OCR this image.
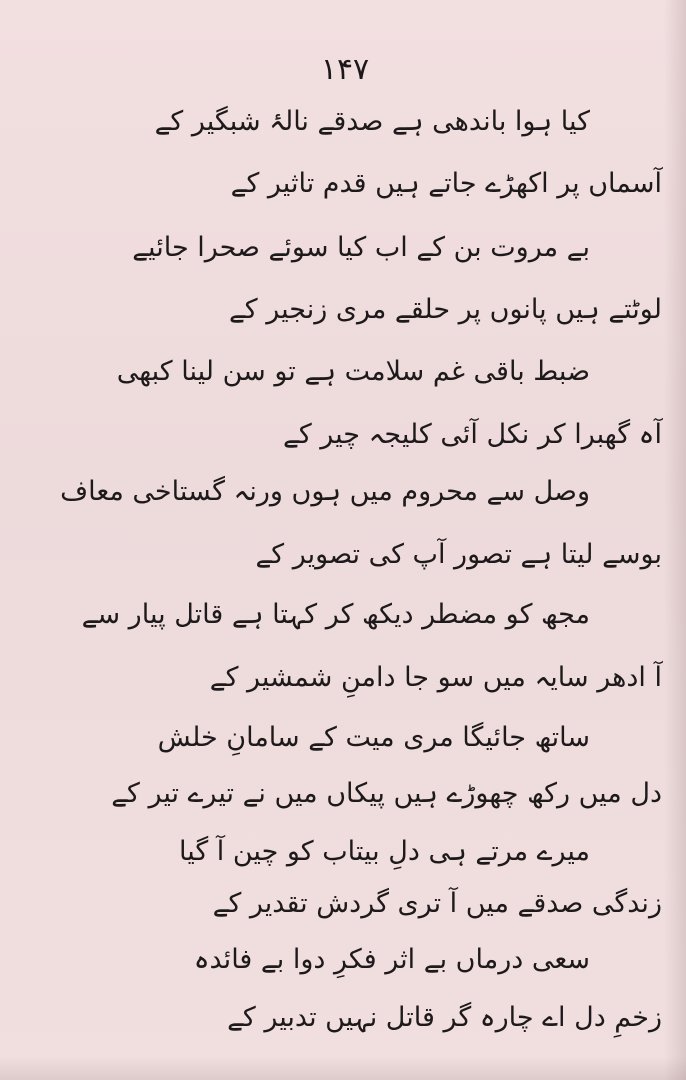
۱۴۷
کیا ہوا باندھی ہے صدقے نالۂ شبگیر کے
آسماں پر اکھڑے جاتے ہیں قدم تاثیر کے
بے مروت بن کے اب کیا سوئے صحرا جائیے
لوٹتے ہیں پانوں پر حلقے مری زنجیر کے
ضبط باقی غم سلامت ہے تو سن لینا کبھی
آہ گھبرا کر نکل آئی کلیجہ چیر کے
وصل سے محروم میں ہوں ورنہ گستاخی معاف
بوسے لیتا ہے تصور آپ کی تصویر کے
مجھ کو مضطر دیکھ کر کہتا ہے قاتل پیار سے
آ ادھر سایہ میں سو جا دامنِ شمشیر کے
ساتھ جائیگا مری میت کے سامانِ خلش
دل میں رکھ چھوڑے ہیں پیکاں میں نے تیرے تیر کے
میرے مرتے ہی دلِ بیتاب کو چین آ گیا
زندگی صدقے میں آ تری گردش تقدیر کے
سعی درماں بے اثر فکرِ دوا بے فائدہ
زخمِ دل اے چارہ گر قاتل نہیں تدبیر کے
